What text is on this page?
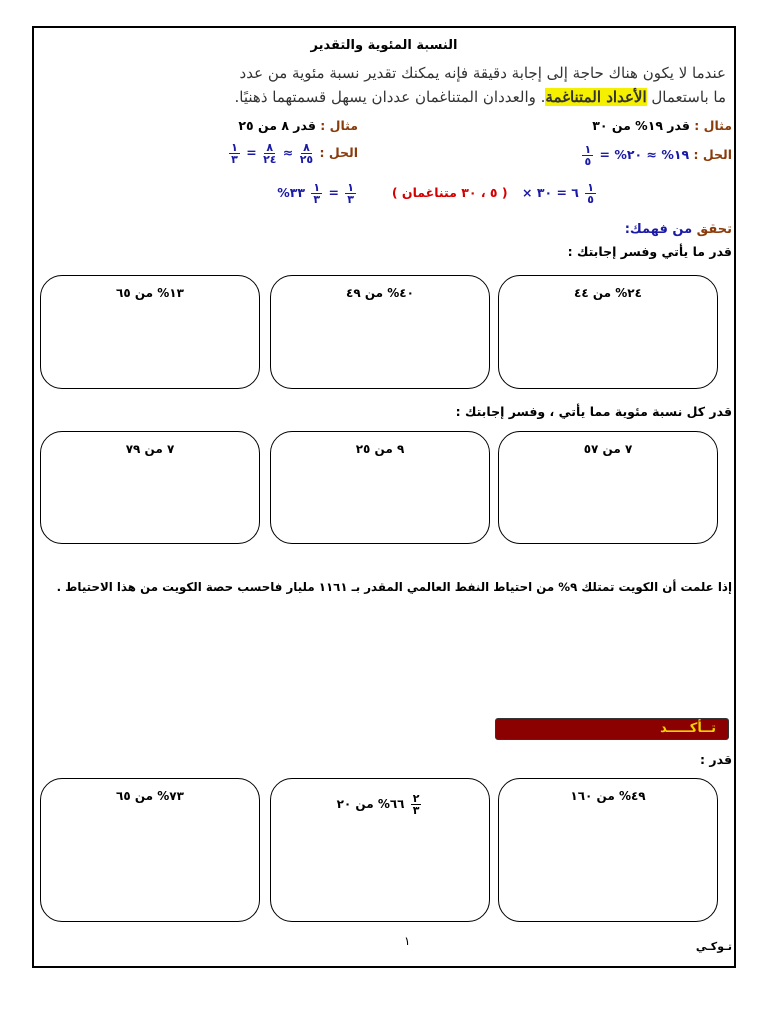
النسبة المئوية والتقدير
عندما لا يكون هناك حاجة إلى إجابة دقيقة فإنه يمكنك تقدير نسبة مئوية من عدد
ما باستعمال الأعداد المتناغمة. والعددان المتناغمان عددان يسهل قسمتهما ذهنيًا.
مثال : قدر ١٩% من ٣٠
الحل : ١٩% ≈ ٢٠% =
$\frac{١}{٥}$
$\frac{١}{٥}$
٦ = ٣٠ × ( ٥ ، ٣٠ متناغمان )
مثال : قدر ٨ من ٢٥
الحل :
$\frac{٨}{٢٥}$
≈
$\frac{٨}{٢٤}$
=
$\frac{١}{٣}$
$\frac{١}{٣}$
=
$\frac{١}{٣}$
٣٣%
تحقق من فهمك:
قدر ما يأتي وفسر إجابتك :
٢٤% من ٤٤
٤٠% من ٤٩
١٣% من ٦٥
قدر كل نسبة مئوية مما يأتي ، وفسر إجابتك :
٧ من ٥٧
٩ من ٢٥
٧ من ٧٩
إذا علمت أن الكويت تمتلك ٩% من احتياط النفط العالمي المقدر بـ ١١٦١ مليار فاحسب حصة الكويت من هذا الاحتياط .
تــأكـــــد
قدر :
٤٩% من ١٦٠
$\frac{٢}{٣}$
٦٦% من ٢٠
٧٣% من ٦٥
١	تـوكـي
